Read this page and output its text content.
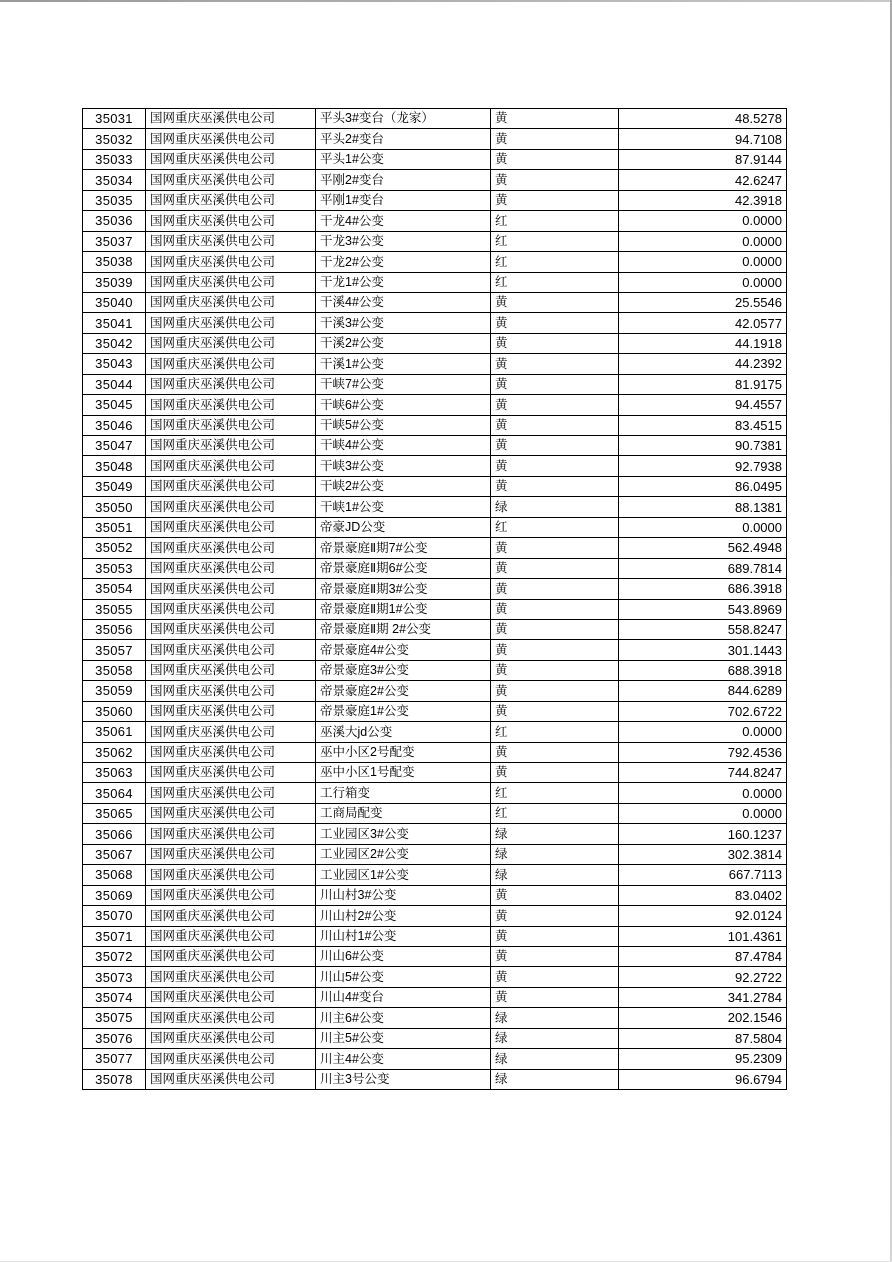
35031	国网重庆巫溪供电公司	平头3#变台（龙家）	黄	48.5278
35032	国网重庆巫溪供电公司	平头2#变台	黄	94.7108
35033	国网重庆巫溪供电公司	平头1#公变	黄	87.9144
35034	国网重庆巫溪供电公司	平刚2#变台	黄	42.6247
35035	国网重庆巫溪供电公司	平刚1#变台	黄	42.3918
35036	国网重庆巫溪供电公司	干龙4#公变	红	0.0000
35037	国网重庆巫溪供电公司	干龙3#公变	红	0.0000
35038	国网重庆巫溪供电公司	干龙2#公变	红	0.0000
35039	国网重庆巫溪供电公司	干龙1#公变	红	0.0000
35040	国网重庆巫溪供电公司	干溪4#公变	黄	25.5546
35041	国网重庆巫溪供电公司	干溪3#公变	黄	42.0577
35042	国网重庆巫溪供电公司	干溪2#公变	黄	44.1918
35043	国网重庆巫溪供电公司	干溪1#公变	黄	44.2392
35044	国网重庆巫溪供电公司	干峡7#公变	黄	81.9175
35045	国网重庆巫溪供电公司	干峡6#公变	黄	94.4557
35046	国网重庆巫溪供电公司	干峡5#公变	黄	83.4515
35047	国网重庆巫溪供电公司	干峡4#公变	黄	90.7381
35048	国网重庆巫溪供电公司	干峡3#公变	黄	92.7938
35049	国网重庆巫溪供电公司	干峡2#公变	黄	86.0495
35050	国网重庆巫溪供电公司	干峡1#公变	绿	88.1381
35051	国网重庆巫溪供电公司	帝豪JD公变	红	0.0000
35052	国网重庆巫溪供电公司	帝景豪庭Ⅱ期7#公变	黄	562.4948
35053	国网重庆巫溪供电公司	帝景豪庭Ⅱ期6#公变	黄	689.7814
35054	国网重庆巫溪供电公司	帝景豪庭Ⅱ期3#公变	黄	686.3918
35055	国网重庆巫溪供电公司	帝景豪庭Ⅱ期1#公变	黄	543.8969
35056	国网重庆巫溪供电公司	帝景豪庭Ⅱ期 2#公变	黄	558.8247
35057	国网重庆巫溪供电公司	帝景豪庭4#公变	黄	301.1443
35058	国网重庆巫溪供电公司	帝景豪庭3#公变	黄	688.3918
35059	国网重庆巫溪供电公司	帝景豪庭2#公变	黄	844.6289
35060	国网重庆巫溪供电公司	帝景豪庭1#公变	黄	702.6722
35061	国网重庆巫溪供电公司	巫溪大jd公变	红	0.0000
35062	国网重庆巫溪供电公司	巫中小区2号配变	黄	792.4536
35063	国网重庆巫溪供电公司	巫中小区1号配变	黄	744.8247
35064	国网重庆巫溪供电公司	工行箱变	红	0.0000
35065	国网重庆巫溪供电公司	工商局配变	红	0.0000
35066	国网重庆巫溪供电公司	工业园区3#公变	绿	160.1237
35067	国网重庆巫溪供电公司	工业园区2#公变	绿	302.3814
35068	国网重庆巫溪供电公司	工业园区1#公变	绿	667.7113
35069	国网重庆巫溪供电公司	川山村3#公变	黄	83.0402
35070	国网重庆巫溪供电公司	川山村2#公变	黄	92.0124
35071	国网重庆巫溪供电公司	川山村1#公变	黄	101.4361
35072	国网重庆巫溪供电公司	川山6#公变	黄	87.4784
35073	国网重庆巫溪供电公司	川山5#公变	黄	92.2722
35074	国网重庆巫溪供电公司	川山4#变台	黄	341.2784
35075	国网重庆巫溪供电公司	川主6#公变	绿	202.1546
35076	国网重庆巫溪供电公司	川主5#公变	绿	87.5804
35077	国网重庆巫溪供电公司	川主4#公变	绿	95.2309
35078	国网重庆巫溪供电公司	川主3号公变	绿	96.6794
